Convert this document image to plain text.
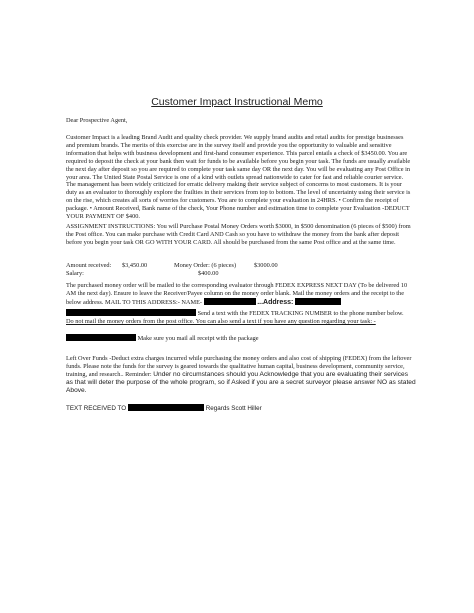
Customer Impact Instructional Memo
Dear Prospective Agent,
Customer Impact is a leading Brand Audit and quality check provider. We supply brand audits and retail audits for prestige businesses and premium brands. The merits of this exercise are in the survey itself and provide you the opportunity to valuable and sensitive information that helps with business development and first-hand consumer experience. This parcel entails a check of $3450.00. You are required to deposit the check at your bank then wait for funds to be available before you begin your task. The funds are usually available the next day after deposit so you are required to complete your task same day OR the next day. You will be evaluating any Post Office in your area. The United State Postal Service is one of a kind with outlets spread nationwide to cater for fast and reliable courier service. The management has been widely criticized for erratic delivery making their service subject of concerns to most customers. It is your duty as an evaluator to thoroughly explore the frailties in their services from top to bottom. The level of uncertainty using their service is on the rise, which creates all sorts of worries for customers. You are to complete your evaluation in 24HRS. • Confirm the receipt of package. • Amount Received, Bank name of the check, Your Phone number and estimation time to complete your Evaluation -DEDUCT YOUR PAYMENT OF $400.
ASSIGNMENT INSTRUCTIONS: You will Purchase Postal Money Orders worth $3000, in $500 denomination (6 pieces of $500) from the Post office. You can make purchase with Credit Card AND Cash so you have to withdraw the money from the bank after deposit before you begin your task OR GO WITH YOUR CARD. All should be purchased from the same Post office and at the same time.
Amount received: $3,450.00	Money Order: (6 pieces)	$3000.00
Salary:	$400.00
The purchased money order will be mailed to the corresponding evaluator through FEDEX EXPRESS NEXT DAY (To be delivered 10 AM the next day). Ensure to leave the Receiver/Payee column on the money order blank. Mail the money orders and the receipt to the below address. MAIL TO THIS ADDRESS:- NAME-	...Address:
Send a text with the FEDEX TRACKING NUMBER to the phone number below.
Do not mail the money orders from the post office. You can also send a text if you have any question regarding your task: -
Make sure you mail all receipt with the package
Left Over Funds -Deduct extra charges incurred while purchasing the money orders and also cost of shipping (FEDEX) from the leftover funds. Please note the funds for the survey is geared towards the qualitative human capital, business development, community service, training, and research.. Reminder: Under no circumstances should you Acknowledge that you are evaluating their services as that will deter the purpose of the whole program, so if Asked if you are a secret surveyor please answer NO as stated Above.
TEXT RECEIVED TO	Regards Scott Hiller
